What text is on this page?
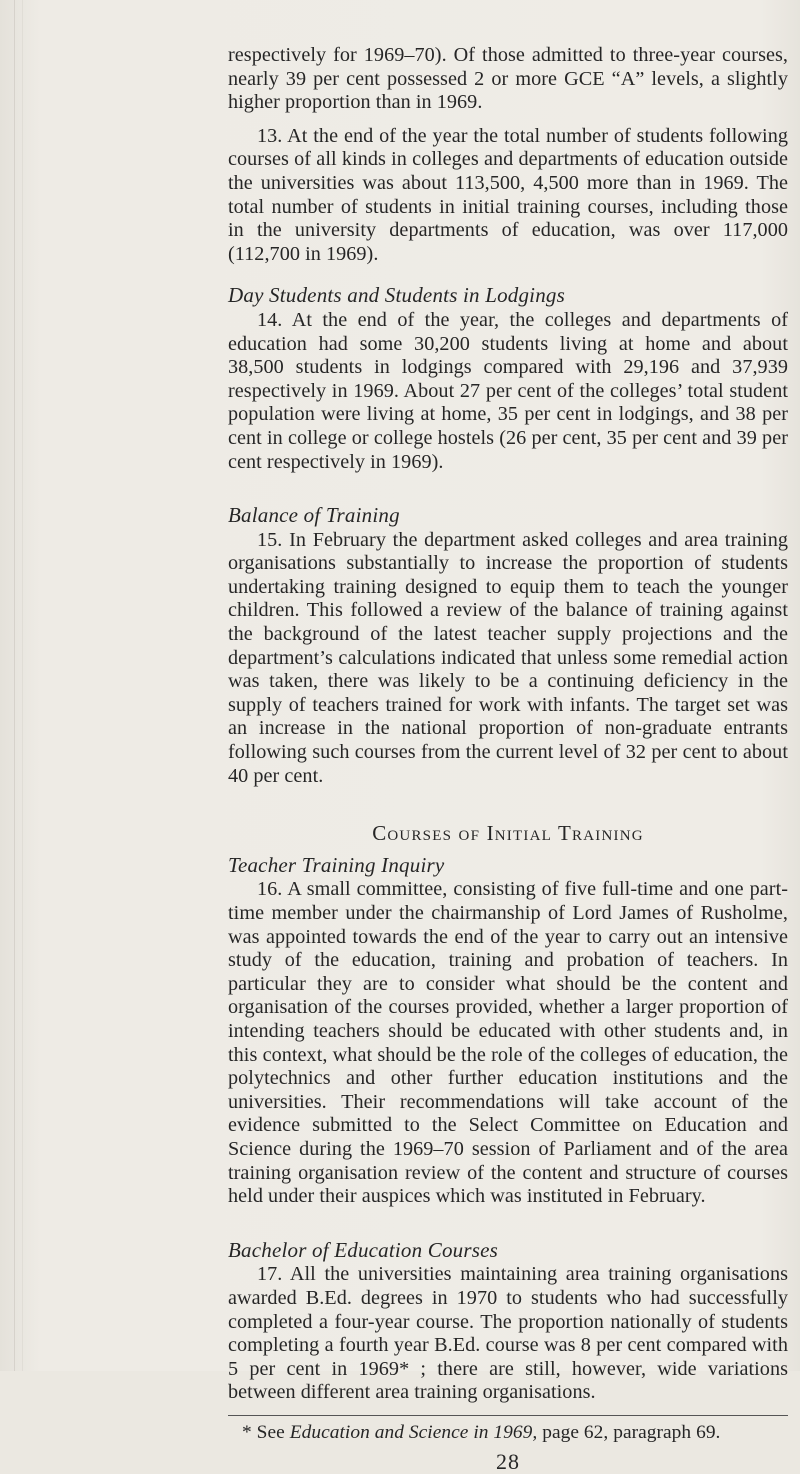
respectively for 1969–70). Of those admitted to three-year courses, nearly 39 per cent possessed 2 or more GCE “A” levels, a slightly higher proportion than in 1969.

13. At the end of the year the total number of students following courses of all kinds in colleges and departments of education outside the universities was about 113,500, 4,500 more than in 1969. The total number of students in initial training courses, including those in the university departments of education, was over 117,000 (112,700 in 1969).

Day Students and Students in Lodgings

14. At the end of the year, the colleges and departments of education had some 30,200 students living at home and about 38,500 students in lodgings compared with 29,196 and 37,939 respectively in 1969. About 27 per cent of the colleges’ total student population were living at home, 35 per cent in lodgings, and 38 per cent in college or college hostels (26 per cent, 35 per cent and 39 per cent respectively in 1969).

Balance of Training

15. In February the department asked colleges and area training organisations substantially to increase the proportion of students undertaking training designed to equip them to teach the younger children. This followed a review of the balance of training against the background of the latest teacher supply projections and the department’s calculations indicated that unless some remedial action was taken, there was likely to be a continuing deficiency in the supply of teachers trained for work with infants. The target set was an increase in the national proportion of non-graduate entrants following such courses from the current level of 32 per cent to about 40 per cent.

Courses of Initial Training

Teacher Training Inquiry

16. A small committee, consisting of five full-time and one part-time member under the chairmanship of Lord James of Rusholme, was appointed towards the end of the year to carry out an intensive study of the education, training and probation of teachers. In particular they are to consider what should be the content and organisation of the courses provided, whether a larger proportion of intending teachers should be educated with other students and, in this context, what should be the role of the colleges of education, the polytechnics and other further education institutions and the universities. Their recommendations will take account of the evidence submitted to the Select Committee on Education and Science during the 1969–70 session of Parliament and of the area training organisation review of the content and structure of courses held under their auspices which was instituted in February.

Bachelor of Education Courses

17. All the universities maintaining area training organisations awarded B.Ed. degrees in 1970 to students who had successfully completed a four-year course. The proportion nationally of students completing a fourth year B.Ed. course was 8 per cent compared with 5 per cent in 1969* ; there are still, however, wide variations between different area training organisations.

* See Education and Science in 1969, page 62, paragraph 69.

28
